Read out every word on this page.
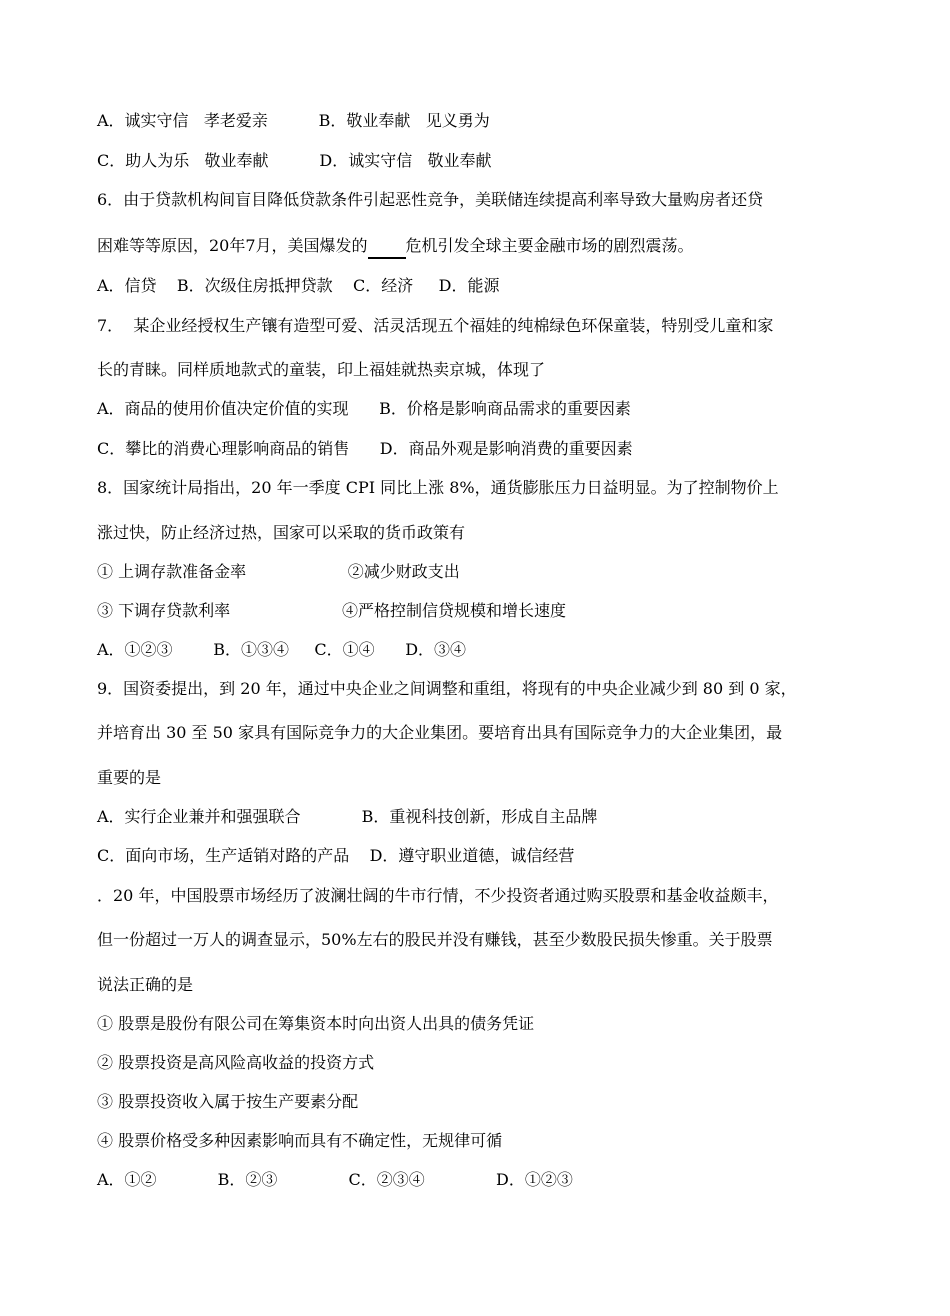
A．诚实守信   孝老爱亲          B．敬业奉献   见义勇为
C．助人为乐   敬业奉献          D．诚实守信   敬业奉献
6．由于贷款机构间盲目降低贷款条件引起恶性竞争，美联储连续提高利率导致大量购房者还贷
困难等等原因，20年7月，美国爆发的 危机引发全球主要金融市场的剧烈震荡。
A．信贷    B．次级住房抵押贷款    C．经济     D．能源
7．  某企业经授权生产镶有造型可爱、活灵活现五个福娃的纯棉绿色环保童装，特别受儿童和家
长的青睐。同样质地款式的童装，印上福娃就热卖京城，体现了
A．商品的使用价值决定价值的实现      B．价格是影响商品需求的重要因素
C．攀比的消费心理影响商品的销售      D．商品外观是影响消费的重要因素
8．国家统计局指出，20 年一季度 CPI 同比上涨 8%，通货膨胀压力日益明显。为了控制物价上
涨过快，防止经济过热，国家可以采取的货币政策有
① 上调存款准备金率                    ②减少财政支出
③ 下调存贷款利率                      ④严格控制信贷规模和增长速度
A．①②③        B．①③④     C．①④      D．③④
9．国资委提出，到 20 年，通过中央企业之间调整和重组，将现有的中央企业减少到 80 到 0 家，
并培育出 30 至 50 家具有国际竞争力的大企业集团。要培育出具有国际竞争力的大企业集团，最
重要的是
A．实行企业兼并和强强联合            B．重视科技创新，形成自主品牌
C．面向市场，生产适销对路的产品    D．遵守职业道德，诚信经营
．20 年，中国股票市场经历了波澜壮阔的牛市行情，不少投资者通过购买股票和基金收益颇丰，
但一份超过一万人的调查显示，50%左右的股民并没有赚钱，甚至少数股民损失惨重。关于股票
说法正确的是
① 股票是股份有限公司在筹集资本时向出资人出具的债务凭证
② 股票投资是高风险高收益的投资方式
③ 股票投资收入属于按生产要素分配
④ 股票价格受多种因素影响而具有不确定性，无规律可循
A．①②            B．②③              C．②③④              D．①②③
